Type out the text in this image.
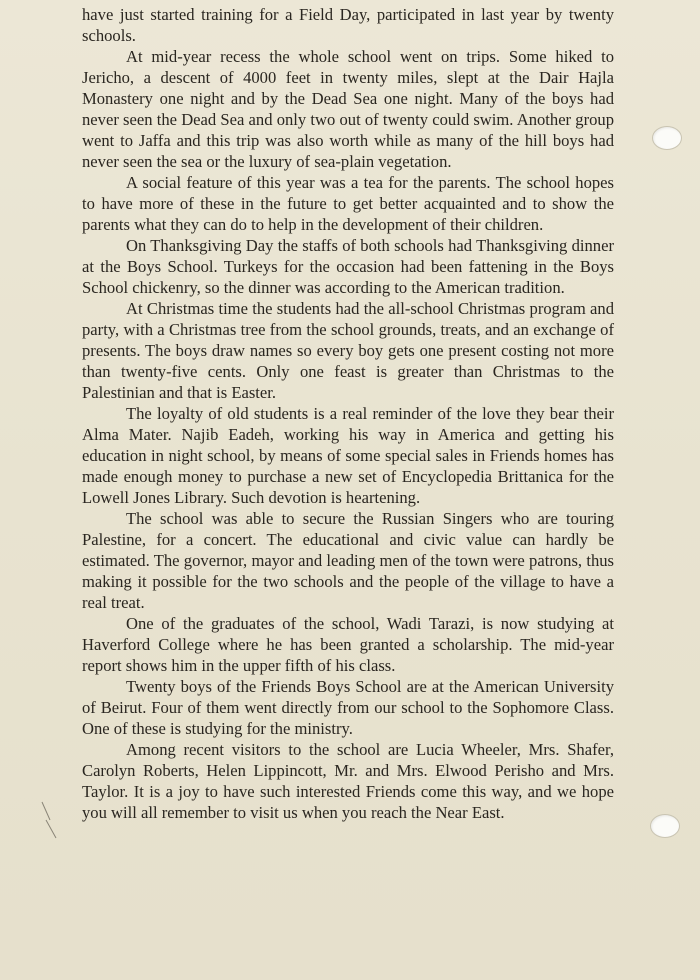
have just started training for a Field Day, participated in last year by twenty schools.

At mid-year recess the whole school went on trips. Some hiked to Jericho, a descent of 4000 feet in twenty miles, slept at the Dair Hajla Monastery one night and by the Dead Sea one night. Many of the boys had never seen the Dead Sea and only two out of twenty could swim. Another group went to Jaffa and this trip was also worth while as many of the hill boys had never seen the sea or the luxury of sea-plain vegetation.

A social feature of this year was a tea for the parents. The school hopes to have more of these in the future to get better acquainted and to show the parents what they can do to help in the development of their children.

On Thanksgiving Day the staffs of both schools had Thanksgiving dinner at the Boys School. Turkeys for the occasion had been fattening in the Boys School chickenry, so the dinner was according to the American tradition.

At Christmas time the students had the all-school Christmas program and party, with a Christmas tree from the school grounds, treats, and an exchange of presents. The boys draw names so every boy gets one present costing not more than twenty-five cents. Only one feast is greater than Christmas to the Palestinian and that is Easter.

The loyalty of old students is a real reminder of the love they bear their Alma Mater. Najib Eadeh, working his way in America and getting his education in night school, by means of some special sales in Friends homes has made enough money to purchase a new set of Encyclopedia Brittanica for the Lowell Jones Library. Such devotion is heartening.

The school was able to secure the Russian Singers who are touring Palestine, for a concert. The educational and civic value can hardly be estimated. The governor, mayor and leading men of the town were patrons, thus making it possible for the two schools and the people of the village to have a real treat.

One of the graduates of the school, Wadi Tarazi, is now studying at Haverford College where he has been granted a scholarship. The mid-year report shows him in the upper fifth of his class.

Twenty boys of the Friends Boys School are at the American University of Beirut. Four of them went directly from our school to the Sophomore Class. One of these is studying for the ministry.

Among recent visitors to the school are Lucia Wheeler, Mrs. Shafer, Carolyn Roberts, Helen Lippincott, Mr. and Mrs. Elwood Perisho and Mrs. Taylor. It is a joy to have such interested Friends come this way, and we hope you will all remember to visit us when you reach the Near East.
